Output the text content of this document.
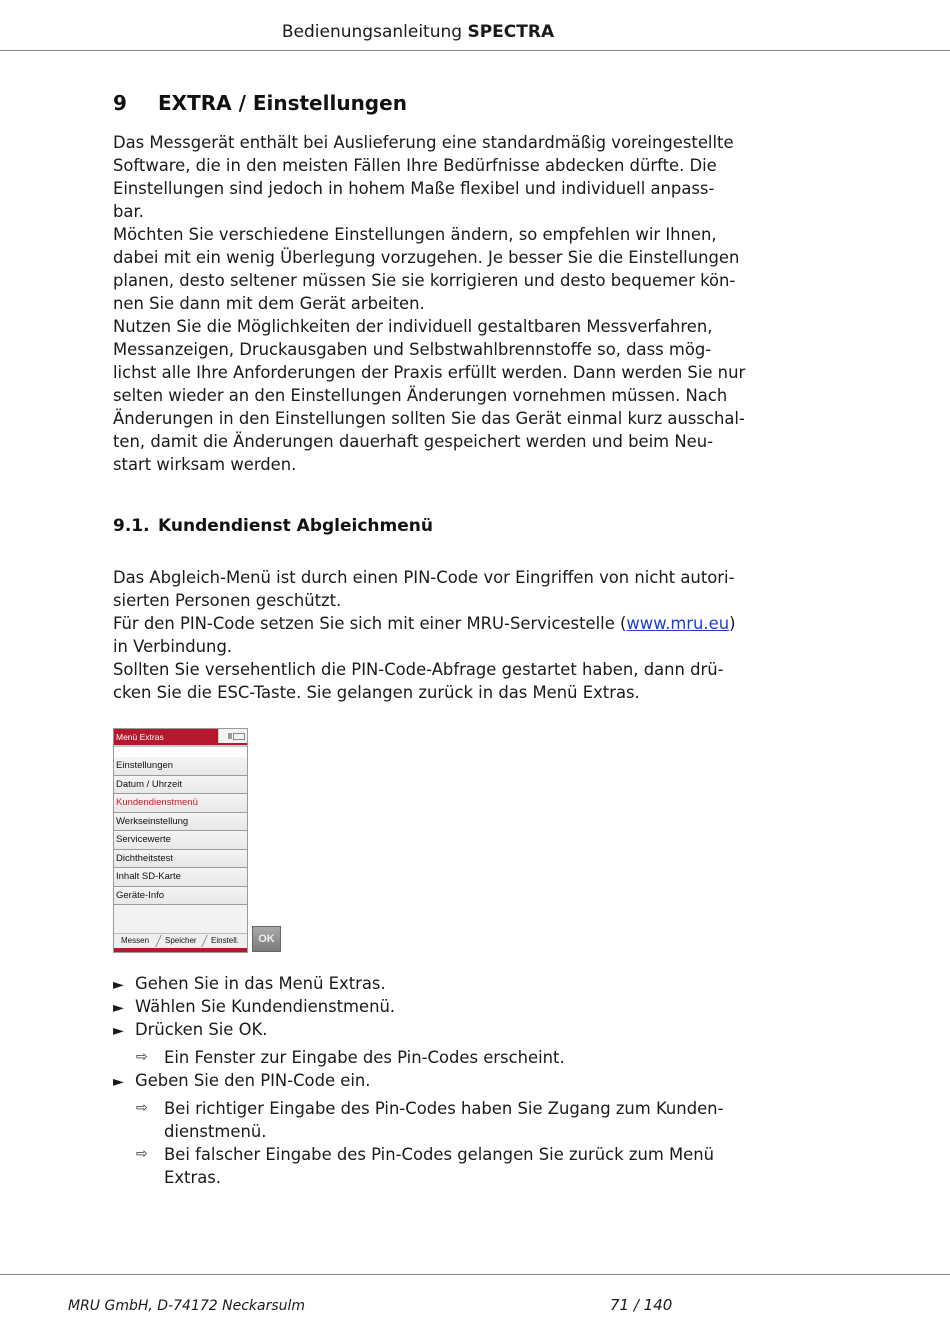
Bedienungsanleitung SPECTRA
9 EXTRA / Einstellungen
Das Messgerät enthält bei Auslieferung eine standardmäßig voreingestellte
Software, die in den meisten Fällen Ihre Bedürfnisse abdecken dürfte. Die
Einstellungen sind jedoch in hohem Maße flexibel und individuell anpass-
bar.
Möchten Sie verschiedene Einstellungen ändern, so empfehlen wir Ihnen,
dabei mit ein wenig Überlegung vorzugehen. Je besser Sie die Einstellungen
planen, desto seltener müssen Sie sie korrigieren und desto bequemer kön-
nen Sie dann mit dem Gerät arbeiten.
Nutzen Sie die Möglichkeiten der individuell gestaltbaren Messverfahren,
Messanzeigen, Druckausgaben und Selbstwahlbrennstoffe so, dass mög-
lichst alle Ihre Anforderungen der Praxis erfüllt werden. Dann werden Sie nur
selten wieder an den Einstellungen Änderungen vornehmen müssen. Nach
Änderungen in den Einstellungen sollten Sie das Gerät einmal kurz ausschal-
ten, damit die Änderungen dauerhaft gespeichert werden und beim Neu-
start wirksam werden.
9.1. Kundendienst Abgleichmenü
Das Abgleich-Menü ist durch einen PIN-Code vor Eingriffen von nicht autori-
sierten Personen geschützt.
Für den PIN-Code setzen Sie sich mit einer MRU-Servicestelle (www.mru.eu)
in Verbindung.
Sollten Sie versehentlich die PIN-Code-Abfrage gestartet haben, dann drü-
cken Sie die ESC-Taste. Sie gelangen zurück in das Menü Extras.
Menü Extras
Einstellungen
Datum / Uhrzeit
Kundendienstmenü
Werkseinstellung
Servicewerte
Dichtheitstest
Inhalt SD-Karte
Geräte-Info
Messen Speicher Einstell.	OK
► Gehen Sie in das Menü Extras.
► Wählen Sie Kundendienstmenü.
► Drücken Sie OK.
⇨ Ein Fenster zur Eingabe des Pin-Codes erscheint.
► Geben Sie den PIN-Code ein.
⇨ Bei richtiger Eingabe des Pin-Codes haben Sie Zugang zum Kunden-
dienstmenü.
⇨ Bei falscher Eingabe des Pin-Codes gelangen Sie zurück zum Menü
Extras.
MRU GmbH, D-74172 Neckarsulm	71 / 140
